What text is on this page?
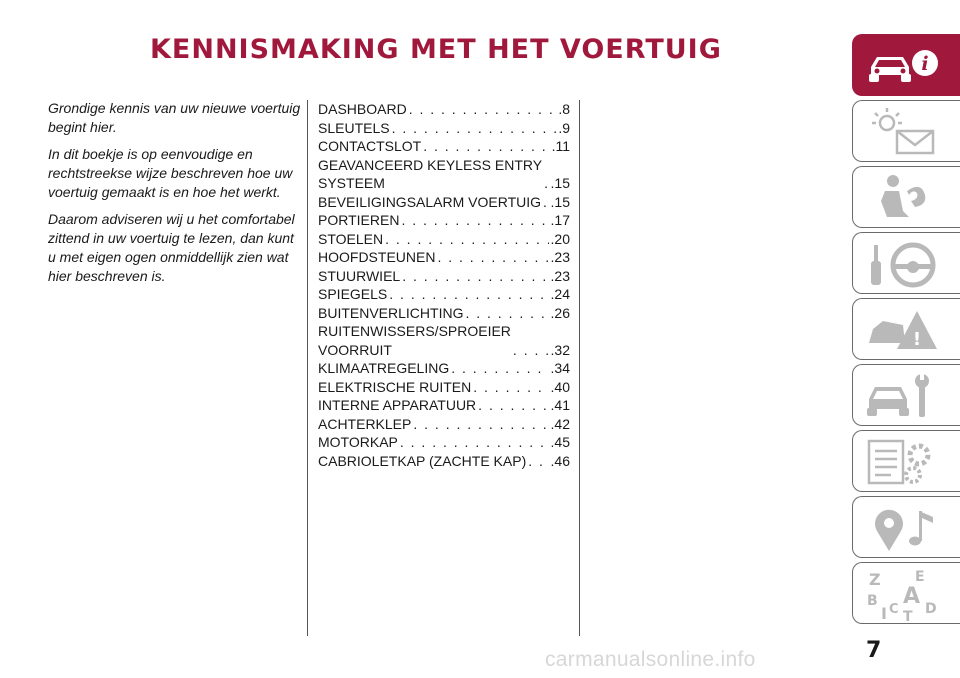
KENNISMAKING MET HET VOERTUIG

Grondige kennis van uw nieuwe voertuig begint hier.

In dit boekje is op eenvoudige en rechtstreekse wijze beschreven hoe uw voertuig gemaakt is en hoe het werkt.

Daarom adviseren wij u het comfortabel zittend in uw voertuig te lezen, dan kunt u met eigen ogen onmiddellijk zien wat hier beschreven is.

DASHBOARD . . .	.8
SLEUTELS . . .	.9
CONTACTSLOT . . .	.11
GEAVANCEERD KEYLESS ENTRY
SYSTEEM . . .	.15
BEVEILIGINGSALARM VOERTUIG . . . .15
PORTIEREN . . .	.17
STOELEN . . .	.20
HOOFDSTEUNEN . . .	.23
STUURWIEL . . .	.23
SPIEGELS . . .	.24
BUITENVERLICHTING . . .	.26
RUITENWISSERS/SPROEIER
VOORRUIT . . .	.32
KLIMAATREGELING . . .	.34
ELEKTRISCHE RUITEN . . .	.40
INTERNE APPARATUUR . . .	.41
ACHTERKLEP . . .	.42
MOTORKAP . . .	.45
CABRIOLETKAP (ZACHTE KAP) . . . .46
i
!
Z E
B A D
I C T
7
carmanualsonline.info
